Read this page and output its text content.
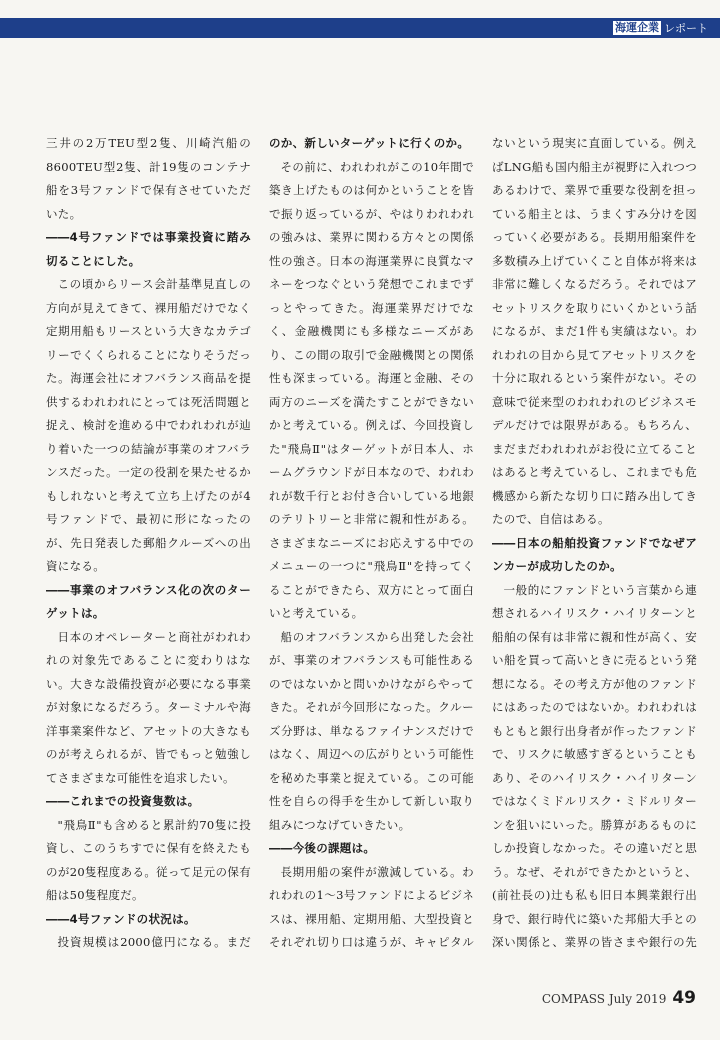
海運企業 レポート

三井の2万TEU型2隻、川崎汽船の8600TEU型2隻、計19隻のコンテナ船を3号ファンドで保有させていただいた。

――4号ファンドでは事業投資に踏み切ることにした。

この頃からリース会計基準見直しの方向が見えてきて、裸用船だけでなく定期用船もリースという大きなカテゴリーでくくられることになりそうだった。海運会社にオフバランス商品を提供するわれわれにとっては死活問題と捉え、検討を進める中でわれわれが辿り着いた一つの結論が事業のオフバランスだった。一定の役割を果たせるかもしれないと考えて立ち上げたのが4号ファンドで、最初に形になったのが、先日発表した郵船クルーズへの出資になる。

――事業のオフバランス化の次のターゲットは。

日本のオペレーターと商社がわれわれの対象先であることに変わりはない。大きな設備投資が必要になる事業が対象になるだろう。ターミナルや海洋事業案件など、アセットの大きなものが考えられるが、皆でもっと勉強してさまざまな可能性を追求したい。

――これまでの投資隻数は。

"飛鳥Ⅱ"も含めると累計約70隻に投資し、このうちすでに保有を終えたものが20隻程度ある。従って足元の保有船は50隻程度だ。

――4号ファンドの状況は。

投資規模は2000億円になる。まだ

のか、新しいターゲットに行くのか。

その前に、われわれがこの10年間で築き上げたものは何かということを皆で振り返っているが、やはりわれわれの強みは、業界に関わる方々との関係性の強さ。日本の海運業界に良質なマネーをつなぐという発想でこれまでずっとやってきた。海運業界だけでなく、金融機関にも多様なニーズがあり、この間の取引で金融機関との関係性も深まっている。海運と金融、その両方のニーズを満たすことができないかと考えている。例えば、今回投資した"飛鳥Ⅱ"はターゲットが日本人、ホームグラウンドが日本なので、われわれが数千行とお付き合いしている地銀のテリトリーと非常に親和性がある。さまざまなニーズにお応えする中でのメニューの一つに"飛鳥Ⅱ"を持ってくることができたら、双方にとって面白いと考えている。

船のオフバランスから出発した会社が、事業のオフバランスも可能性あるのではないかと問いかけながらやってきた。それが今回形になった。クルーズ分野は、単なるファイナンスだけではなく、周辺への広がりという可能性を秘めた事業と捉えている。この可能性を自らの得手を生かして新しい取り組みにつなげていきたい。

――今後の課題は。

長期用船の案件が激減している。われわれの1～3号ファンドによるビジネスは、裸用船、定期用船、大型投資とそれぞれ切り口は違うが、キャピタル

ないという現実に直面している。例えばLNG船も国内船主が視野に入れつつあるわけで、業界で重要な役割を担っている船主とは、うまくすみ分けを図っていく必要がある。長期用船案件を多数積み上げていくこと自体が将来は非常に難しくなるだろう。それではアセットリスクを取りにいくかという話になるが、まだ1件も実績はない。われわれの目から見てアセットリスクを十分に取れるという案件がない。その意味で従来型のわれわれのビジネスモデルだけでは限界がある。もちろん、まだまだわれわれがお役に立てることはあると考えているし、これまでも危機感から新たな切り口に踏み出してきたので、自信はある。

――日本の船舶投資ファンドでなぜアンカーが成功したのか。

一般的にファンドという言葉から連想されるハイリスク・ハイリターンと船舶の保有は非常に親和性が高く、安い船を買って高いときに売るという発想になる。その考え方が他のファンドにはあったのではないか。われわれはもともと銀行出身者が作ったファンドで、リスクに敏感すぎるということもあり、そのハイリスク・ハイリターンではなくミドルリスク・ミドルリターンを狙いにいった。勝算があるものにしか投資しなかった。その違いだと思う。なぜ、それができたかというと、(前社長の)辻も私も旧日本興業銀行出身で、銀行時代に築いた邦船大手との深い関係と、業界の皆さまや銀行の先

COMPASS July 2019 49
